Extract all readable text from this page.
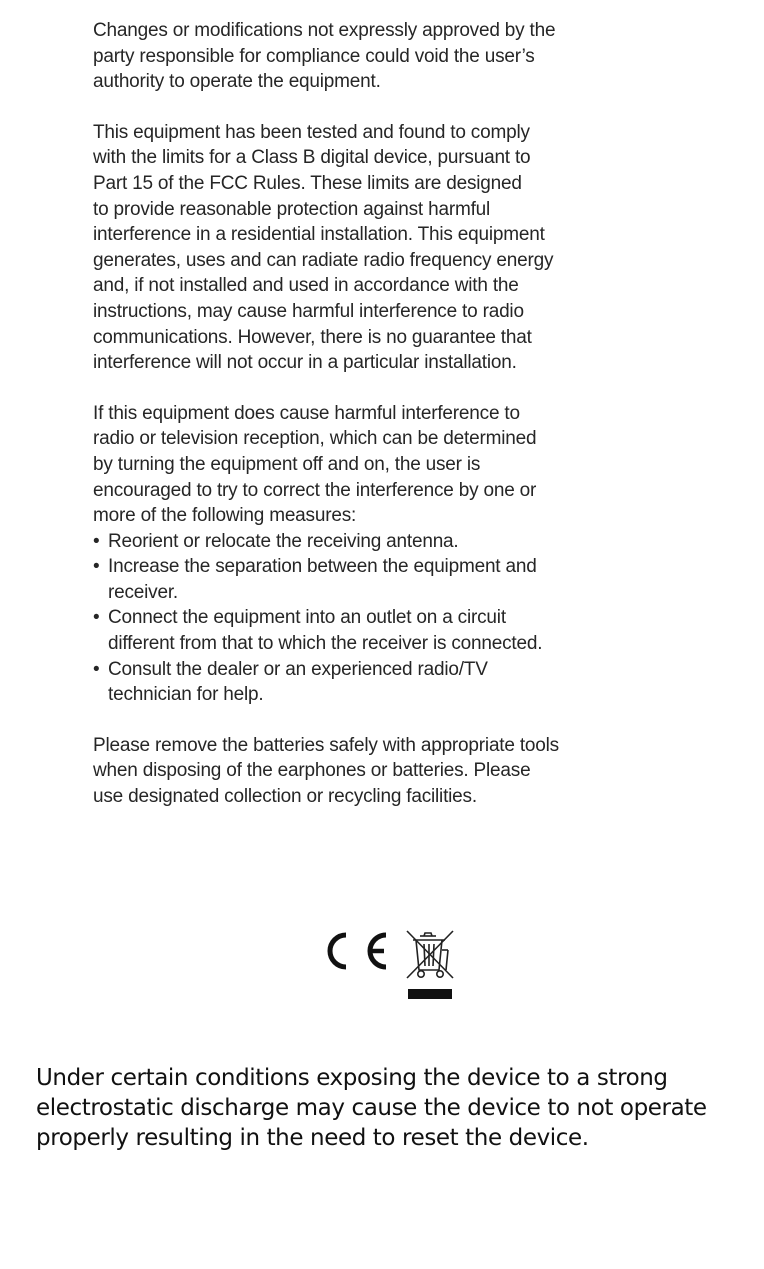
Changes or modifications not expressly approved by the
party responsible for compliance could void the user’s
authority to operate the equipment.

This equipment has been tested and found to comply
with the limits for a Class B digital device, pursuant to
Part 15 of the FCC Rules. These limits are designed
to provide reasonable protection against harmful
interference in a residential installation. This equipment
generates, uses and can radiate radio frequency energy
and, if not installed and used in accordance with the
instructions, may cause harmful interference to radio
communications. However, there is no guarantee that
interference will not occur in a particular installation.

If this equipment does cause harmful interference to
radio or television reception, which can be determined
by turning the equipment off and on, the user is
encouraged to try to correct the interference by one or
more of the following measures:

• Reorient or relocate the receiving antenna.
• Increase the separation between the equipment and
receiver.
• Connect the equipment into an outlet on a circuit
different from that to which the receiver is connected.
• Consult the dealer or an experienced radio/TV
technician for help.

Please remove the batteries safely with appropriate tools
when disposing of the earphones or batteries. Please
use designated collection or recycling facilities.

Under certain conditions exposing the device to a strong
electrostatic discharge may cause the device to not operate
properly resulting in the need to reset the device.
